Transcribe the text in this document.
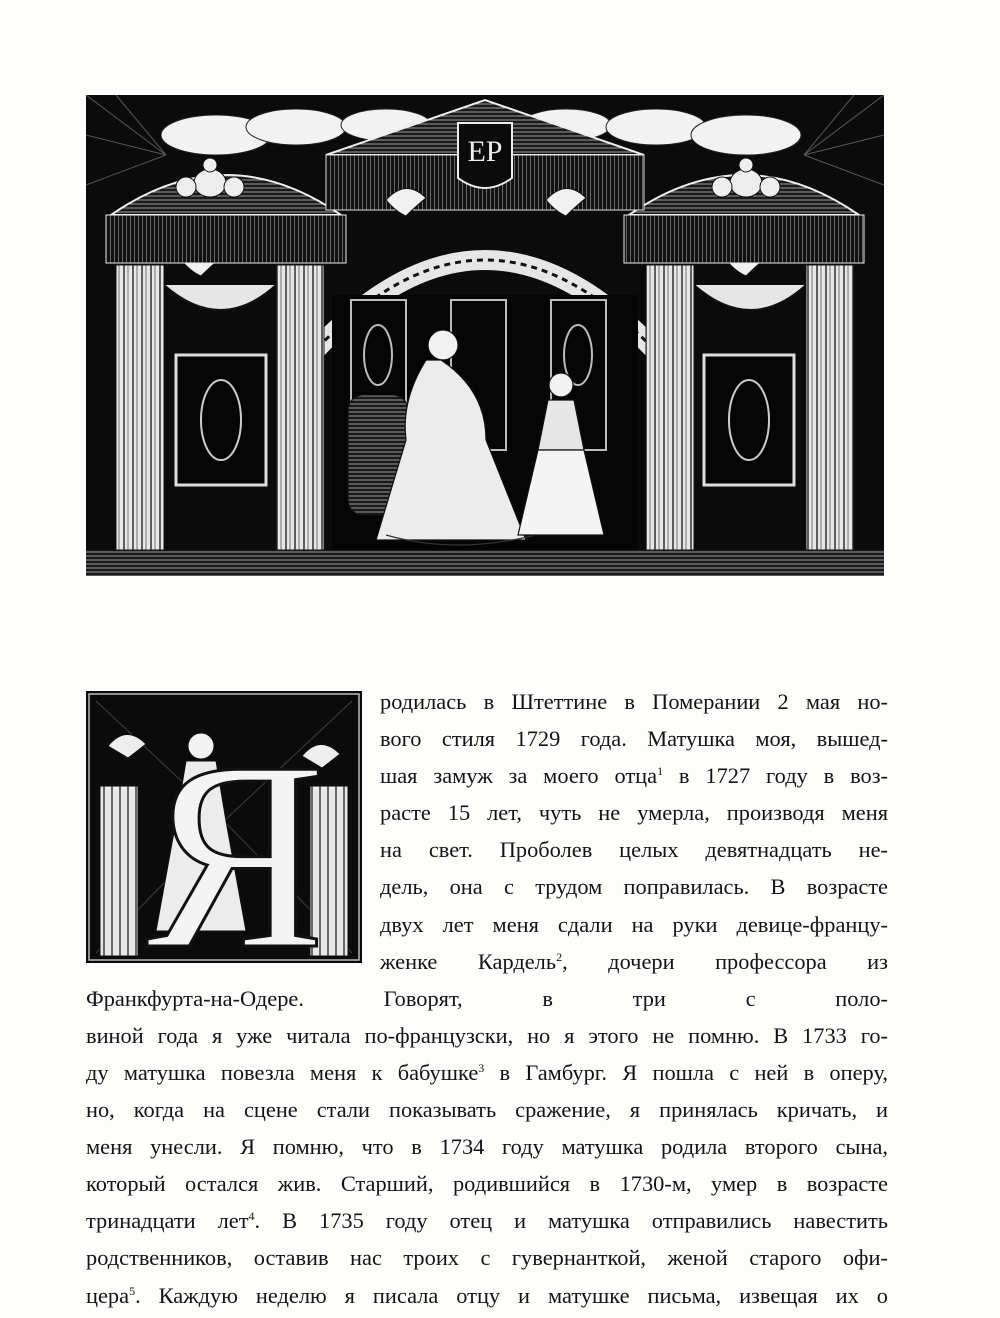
ЕР
Я
родилась в Штеттине в Померании 2 мая но-
вого стиля 1729 года. Матушка моя, вышед-
шая замуж за моего отца$^1$ в 1727 году в воз-
расте 15 лет, чуть не умерла, производя меня
на свет. Проболев целых девятнадцать не-
дель, она с трудом поправилась. В возрасте
двух лет меня сдали на руки девице-францу-
женке Кардель$^2$, дочери профессора из
Франкфурта-на-Одере. Говорят, в три с поло-
виной года я уже читала по-французски, но я этого не помню. В 1733 го-
ду матушка повезла меня к бабушке$^3$ в Гамбург. Я пошла с ней в оперу,
но, когда на сцене стали показывать сражение, я принялась кричать, и
меня унесли. Я помню, что в 1734 году матушка родила второго сына,
который остался жив. Старший, родившийся в 1730-м, умер в возрасте
тринадцати лет$^4$. В 1735 году отец и матушка отправились навестить
родственников, оставив нас троих с гувернанткой, женой старого офи-
цера$^5$. Каждую неделю я писала отцу и матушке письма, извещая их о
